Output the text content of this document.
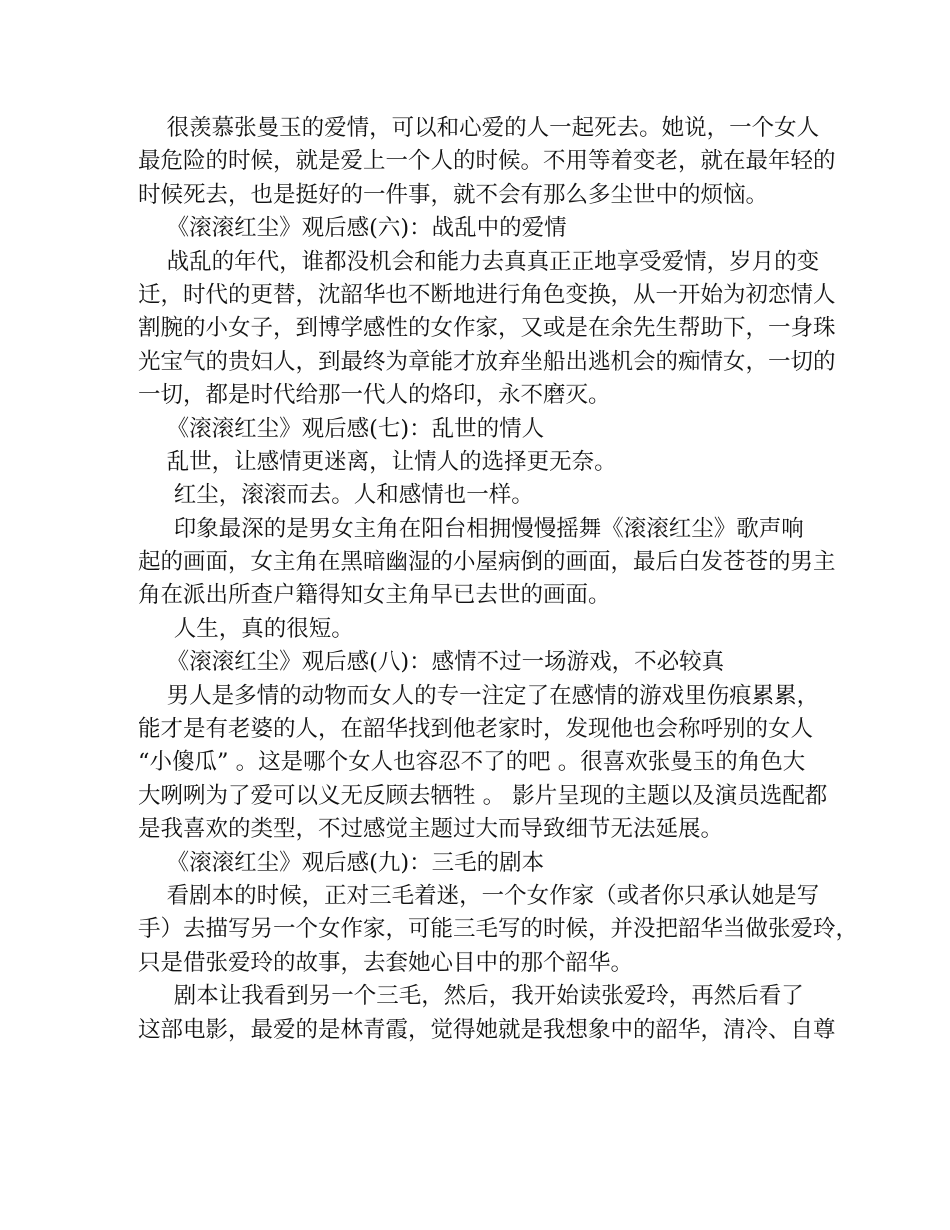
很羡慕张曼玉的爱情，可以和心爱的人一起死去。她说，一个女人
最危险的时候，就是爱上一个人的时候。不用等着变老，就在最年轻的
时候死去，也是挺好的一件事，就不会有那么多尘世中的烦恼。
《滚滚红尘》观后感(六)：战乱中的爱情
战乱的年代，谁都没机会和能力去真真正正地享受爱情，岁月的变
迁，时代的更替，沈韶华也不断地进行角色变换，从一开始为初恋情人
割腕的小女子，到博学感性的女作家，又或是在余先生帮助下，一身珠
光宝气的贵妇人，到最终为章能才放弃坐船出逃机会的痴情女，一切的
一切，都是时代给那一代人的烙印，永不磨灭。
《滚滚红尘》观后感(七)：乱世的情人
乱世，让感情更迷离，让情人的选择更无奈。
红尘，滚滚而去。人和感情也一样。
印象最深的是男女主角在阳台相拥慢慢摇舞《滚滚红尘》歌声响
起的画面，女主角在黑暗幽湿的小屋病倒的画面，最后白发苍苍的男主
角在派出所查户籍得知女主角早已去世的画面。
人生，真的很短。
《滚滚红尘》观后感(八)：感情不过一场游戏，不必较真
男人是多情的动物而女人的专一注定了在感情的游戏里伤痕累累，
能才是有老婆的人，在韶华找到他老家时，发现他也会称呼别的女人
“小傻瓜” 。这是哪个女人也容忍不了的吧 。很喜欢张曼玉的角色大
大咧咧为了爱可以义无反顾去牺牲 。 影片呈现的主题以及演员选配都
是我喜欢的类型，不过感觉主题过大而导致细节无法延展。
《滚滚红尘》观后感(九)：三毛的剧本
看剧本的时候，正对三毛着迷，一个女作家（或者你只承认她是写
手）去描写另一个女作家，可能三毛写的时候，并没把韶华当做张爱玲，
只是借张爱玲的故事，去套她心目中的那个韶华。
剧本让我看到另一个三毛，然后，我开始读张爱玲，再然后看了
这部电影，最爱的是林青霞，觉得她就是我想象中的韶华，清冷、自尊
